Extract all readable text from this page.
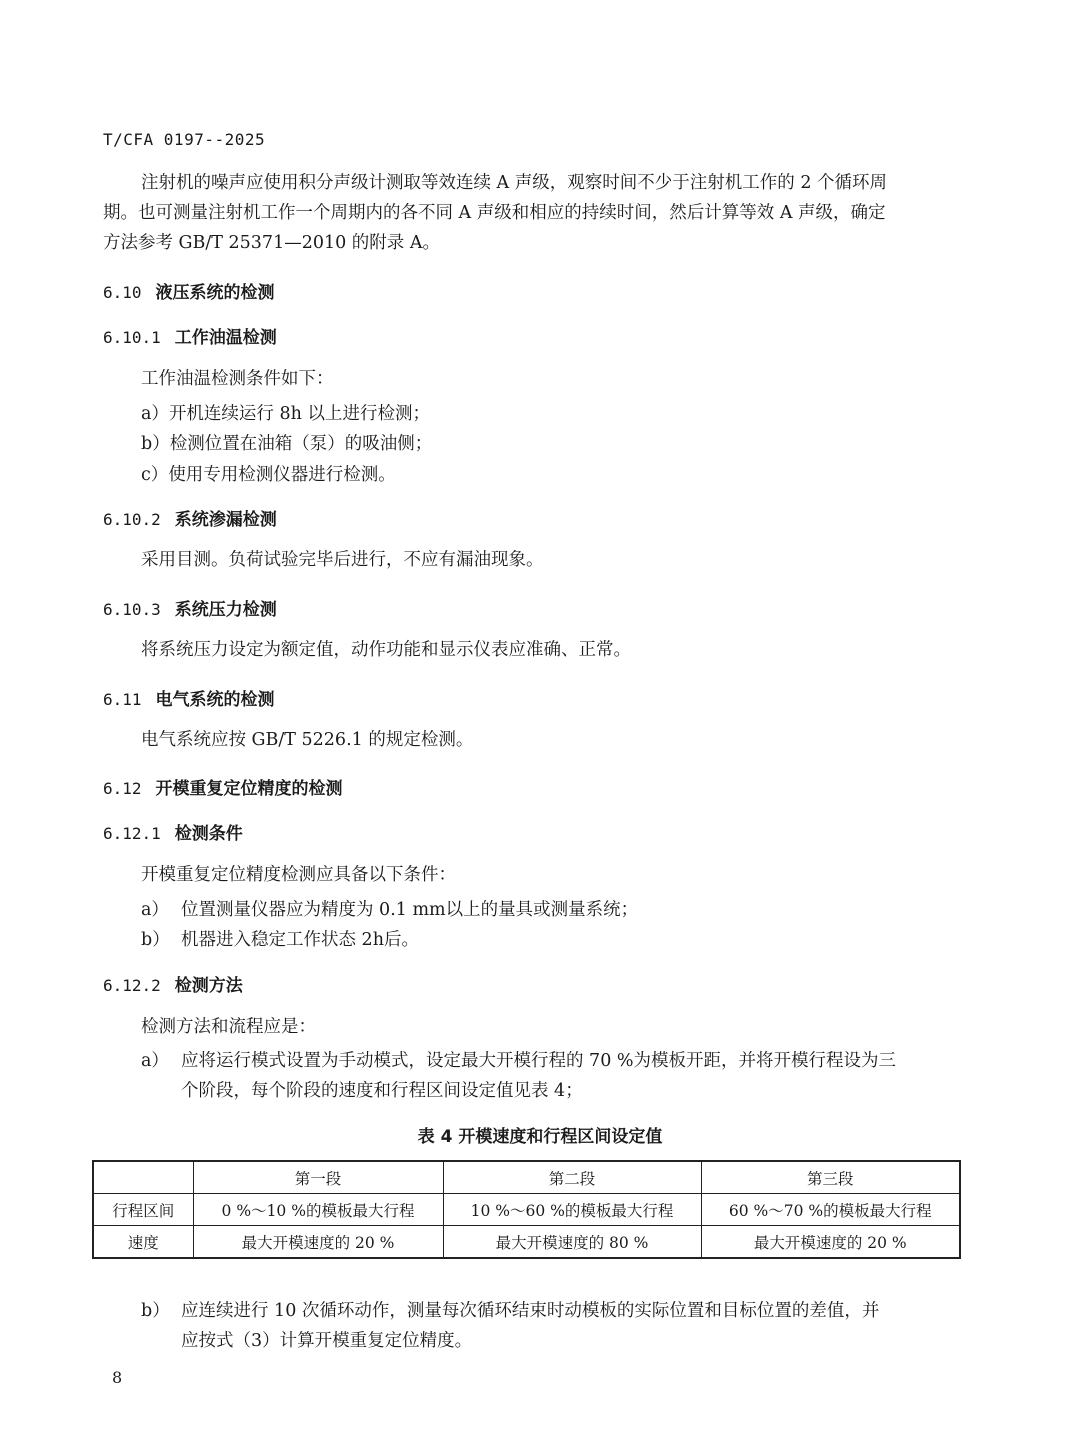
T/CFA 0197--2025
注射机的噪声应使用积分声级计测取等效连续 A 声级，观察时间不少于注射机工作的 2 个循环周
期。也可测量注射机工作一个周期内的各不同 A 声级和相应的持续时间，然后计算等效 A 声级，确定
方法参考 GB/T 25371—2010 的附录 A。
6.10 液压系统的检测
6.10.1 工作油温检测
工作油温检测条件如下：
a）开机连续运行 8h 以上进行检测；
b）检测位置在油箱（泵）的吸油侧；
c）使用专用检测仪器进行检测。
6.10.2 系统渗漏检测
采用目测。负荷试验完毕后进行，不应有漏油现象。
6.10.3 系统压力检测
将系统压力设定为额定值，动作功能和显示仪表应准确、正常。
6.11 电气系统的检测
电气系统应按 GB/T 5226.1 的规定检测。
6.12 开模重复定位精度的检测
6.12.1 检测条件
开模重复定位精度检测应具备以下条件：
a） 位置测量仪器应为精度为 0.1 mm以上的量具或测量系统；
b） 机器进入稳定工作状态 2h后。
6.12.2 检测方法
检测方法和流程应是：
a） 应将运行模式设置为手动模式，设定最大开模行程的 70 %为模板开距，并将开模行程设为三
个阶段，每个阶段的速度和行程区间设定值见表 4；
表 4 开模速度和行程区间设定值
	第一段	第二段	第三段
行程区间	0 %～10 %的模板最大行程	10 %～60 %的模板最大行程	60 %～70 %的模板最大行程
速度	最大开模速度的 20 %	最大开模速度的 80 %	最大开模速度的 20 %
b） 应连续进行 10 次循环动作，测量每次循环结束时动模板的实际位置和目标位置的差值，并
应按式（3）计算开模重复定位精度。
8
